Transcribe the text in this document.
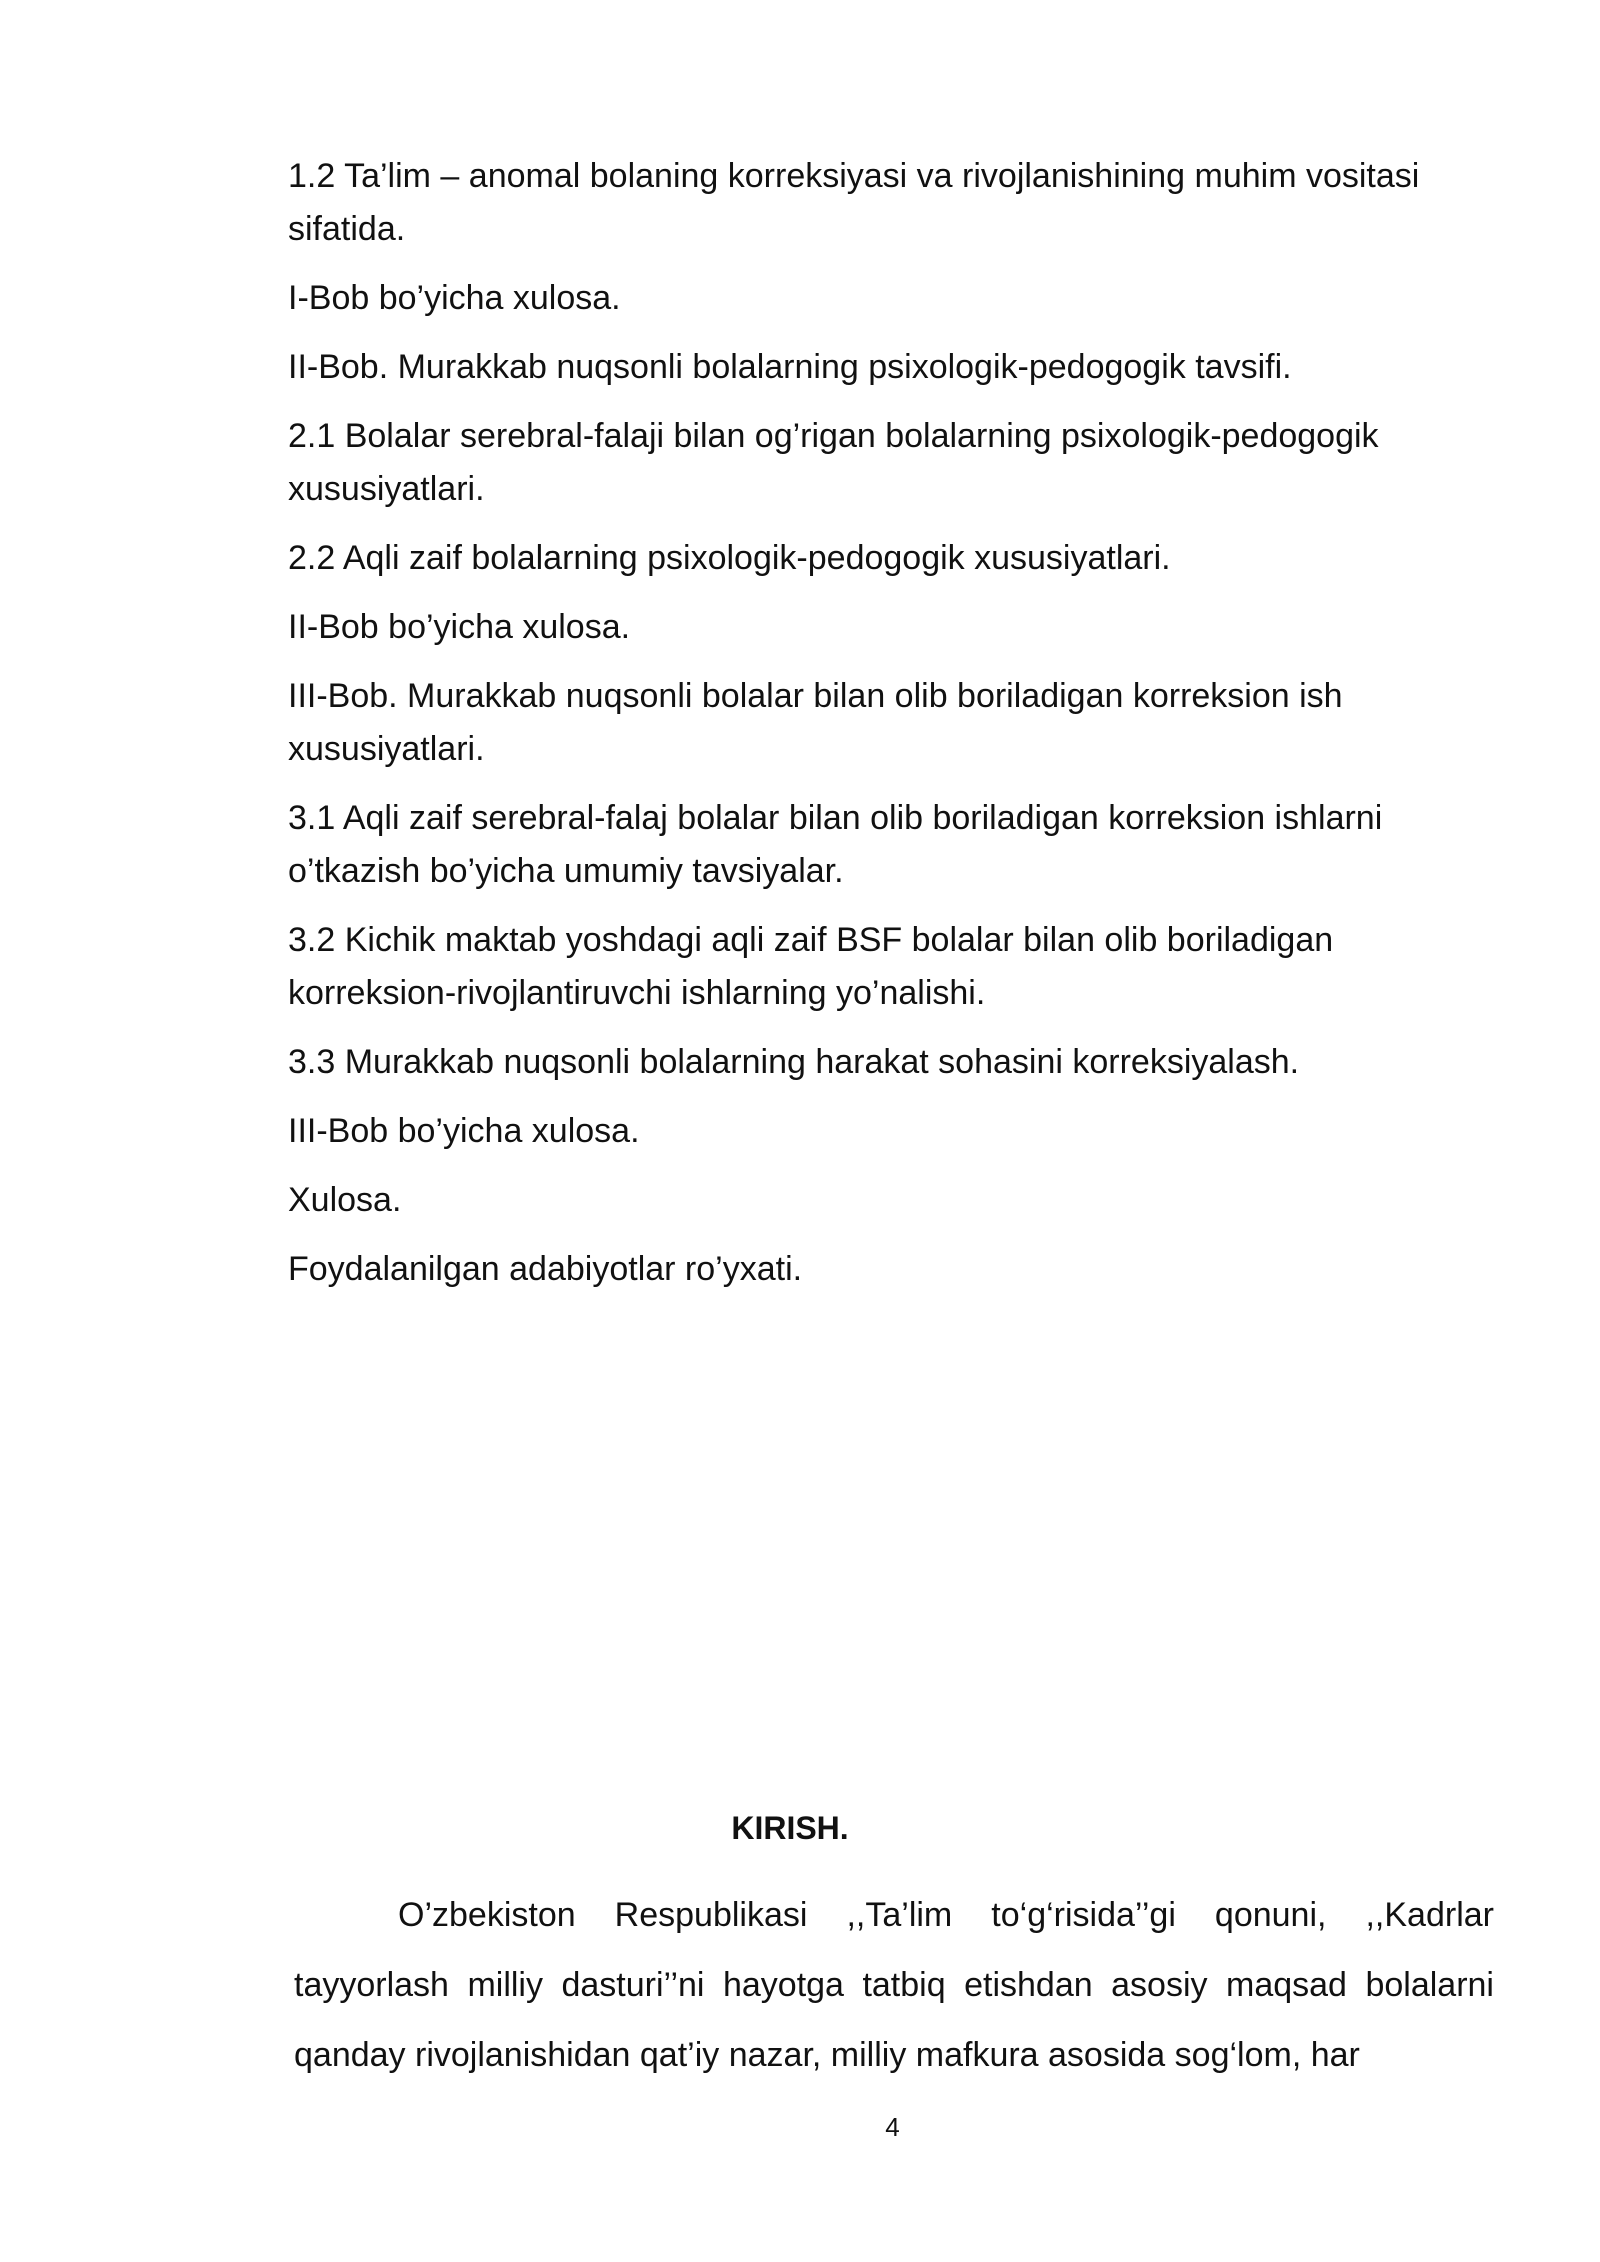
1.2 Ta’lim – anomal bolaning korreksiyasi va rivojlanishining muhim vositasi sifatida.
I-Bob bo’yicha xulosa.
II-Bob. Murakkab nuqsonli bolalarning psixologik-pedogogik tavsifi.
2.1 Bolalar serebral-falaji bilan og’rigan bolalarning psixologik-pedogogik xususiyatlari.
2.2 Aqli zaif bolalarning psixologik-pedogogik xususiyatlari.
II-Bob bo’yicha xulosa.
III-Bob. Murakkab nuqsonli bolalar bilan olib boriladigan korreksion ish xususiyatlari.
3.1 Aqli zaif serebral-falaj bolalar bilan olib boriladigan korreksion ishlarni o’tkazish bo’yicha umumiy tavsiyalar.
3.2 Kichik maktab yoshdagi aqli zaif BSF bolalar bilan olib boriladigan korreksion-rivojlantiruvchi ishlarning yo’nalishi.
3.3 Murakkab nuqsonli bolalarning harakat sohasini korreksiyalash.
III-Bob bo’yicha xulosa.
Xulosa.
Foydalanilgan adabiyotlar ro’yxati.
KIRISH.

O’zbekiston Respublikasi ,,Ta’lim to‘g‘risida’’gi qonuni, ,,Kadrlar tayyorlash milliy dasturi’’ni hayotga tatbiq etishdan asosiy maqsad bolalarni qanday rivojlanishidan qat’iy nazar, milliy mafkura asosida sog‘lom, har

4
